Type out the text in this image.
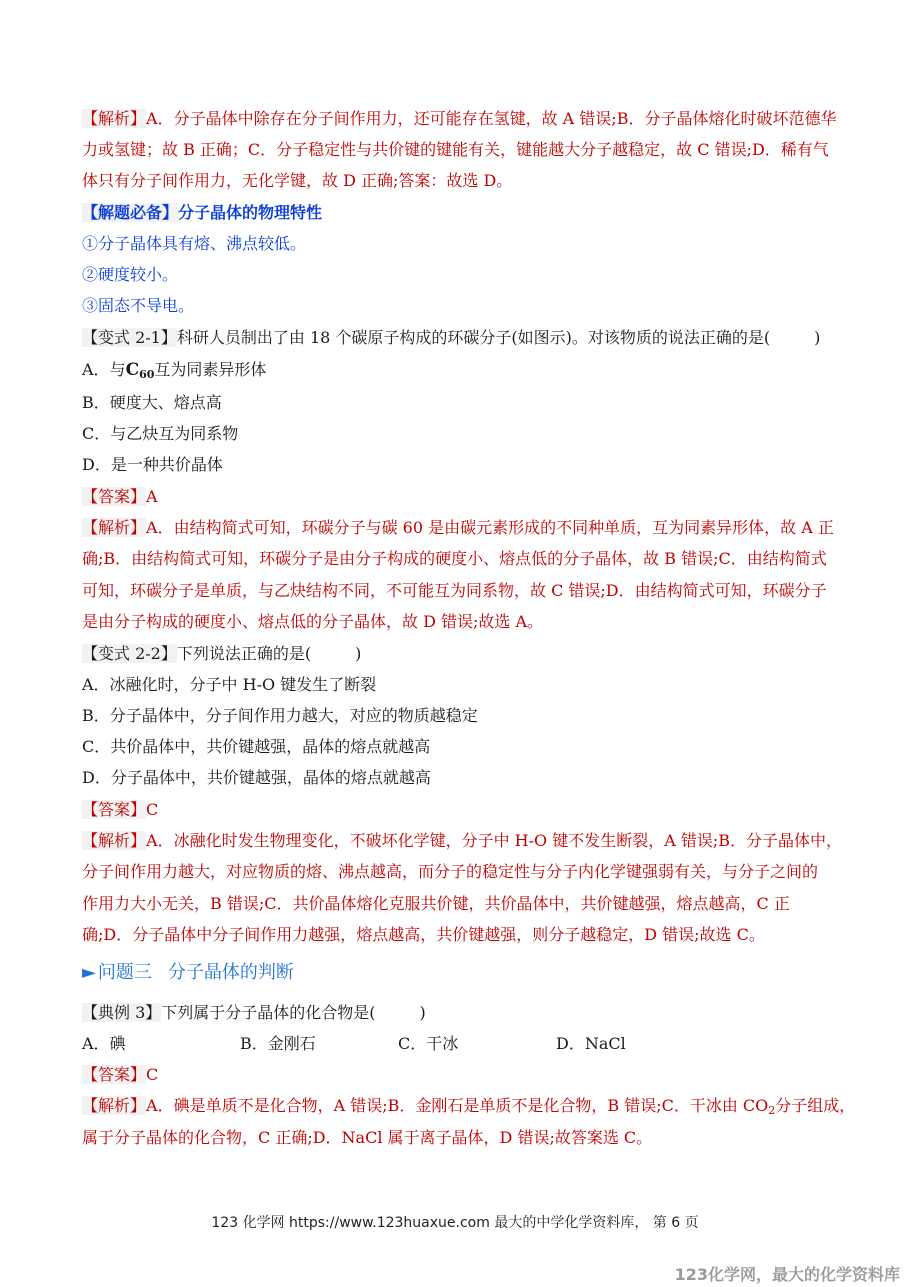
【解析】A．分子晶体中除存在分子间作用力，还可能存在氢键，故 A 错误;B．分子晶体熔化时破坏范德华
力或氢键；故 B 正确；C．分子稳定性与共价键的键能有关，键能越大分子越稳定，故 C 错误;D．稀有气
体只有分子间作用力，无化学键，故 D 正确;答案：故选 D。
【解题必备】分子晶体的物理特性
①分子晶体具有熔、沸点较低。
②硬度较小。
③固态不导电。
【变式 2-1】科研人员制出了由 18 个碳原子构成的环碳分子(如图示)。对该物质的说法正确的是(	)
A．与$C_{60}$互为同素异形体
B．硬度大、熔点高
C．与乙炔互为同系物
D．是一种共价晶体
【答案】A
【解析】A．由结构简式可知，环碳分子与碳 60 是由碳元素形成的不同种单质，互为同素异形体，故 A 正
确;B．由结构简式可知，环碳分子是由分子构成的硬度小、熔点低的分子晶体，故 B 错误;C．由结构简式
可知，环碳分子是单质，与乙炔结构不同，不可能互为同系物，故 C 错误;D．由结构简式可知，环碳分子
是由分子构成的硬度小、熔点低的分子晶体，故 D 错误;故选 A。
【变式 2-2】下列说法正确的是(	)
A．冰融化时，分子中 H-O 键发生了断裂
B．分子晶体中，分子间作用力越大，对应的物质越稳定
C．共价晶体中，共价键越强，晶体的熔点就越高
D．分子晶体中，共价键越强，晶体的熔点就越高
【答案】C
【解析】A．冰融化时发生物理变化，不破坏化学键，分子中 H-O 键不发生断裂，A 错误;B．分子晶体中，
分子间作用力越大，对应物质的熔、沸点越高，而分子的稳定性与分子内化学键强弱有关，与分子之间的
作用力大小无关，B 错误;C．共价晶体熔化克服共价键，共价晶体中，共价键越强，熔点越高，C 正
确;D．分子晶体中分子间作用力越强，熔点越高，共价键越强，则分子越稳定，D 错误;故选 C。
► 问题三 分子晶体的判断
【典例 3】下列属于分子晶体的化合物是(	)
A．碘	B．金刚石	C．干冰	D．NaCl
【答案】C
【解析】A．碘是单质不是化合物，A 错误;B．金刚石是单质不是化合物，B 错误;C．干冰由 $CO_2$分子组成，
属于分子晶体的化合物，C 正确;D．NaCl 属于离子晶体，D 错误;故答案选 C。
123 化学网 https://www.123huaxue.com 最大的中学化学资料库， 第 6 页
123化学网，最大的化学资料库
